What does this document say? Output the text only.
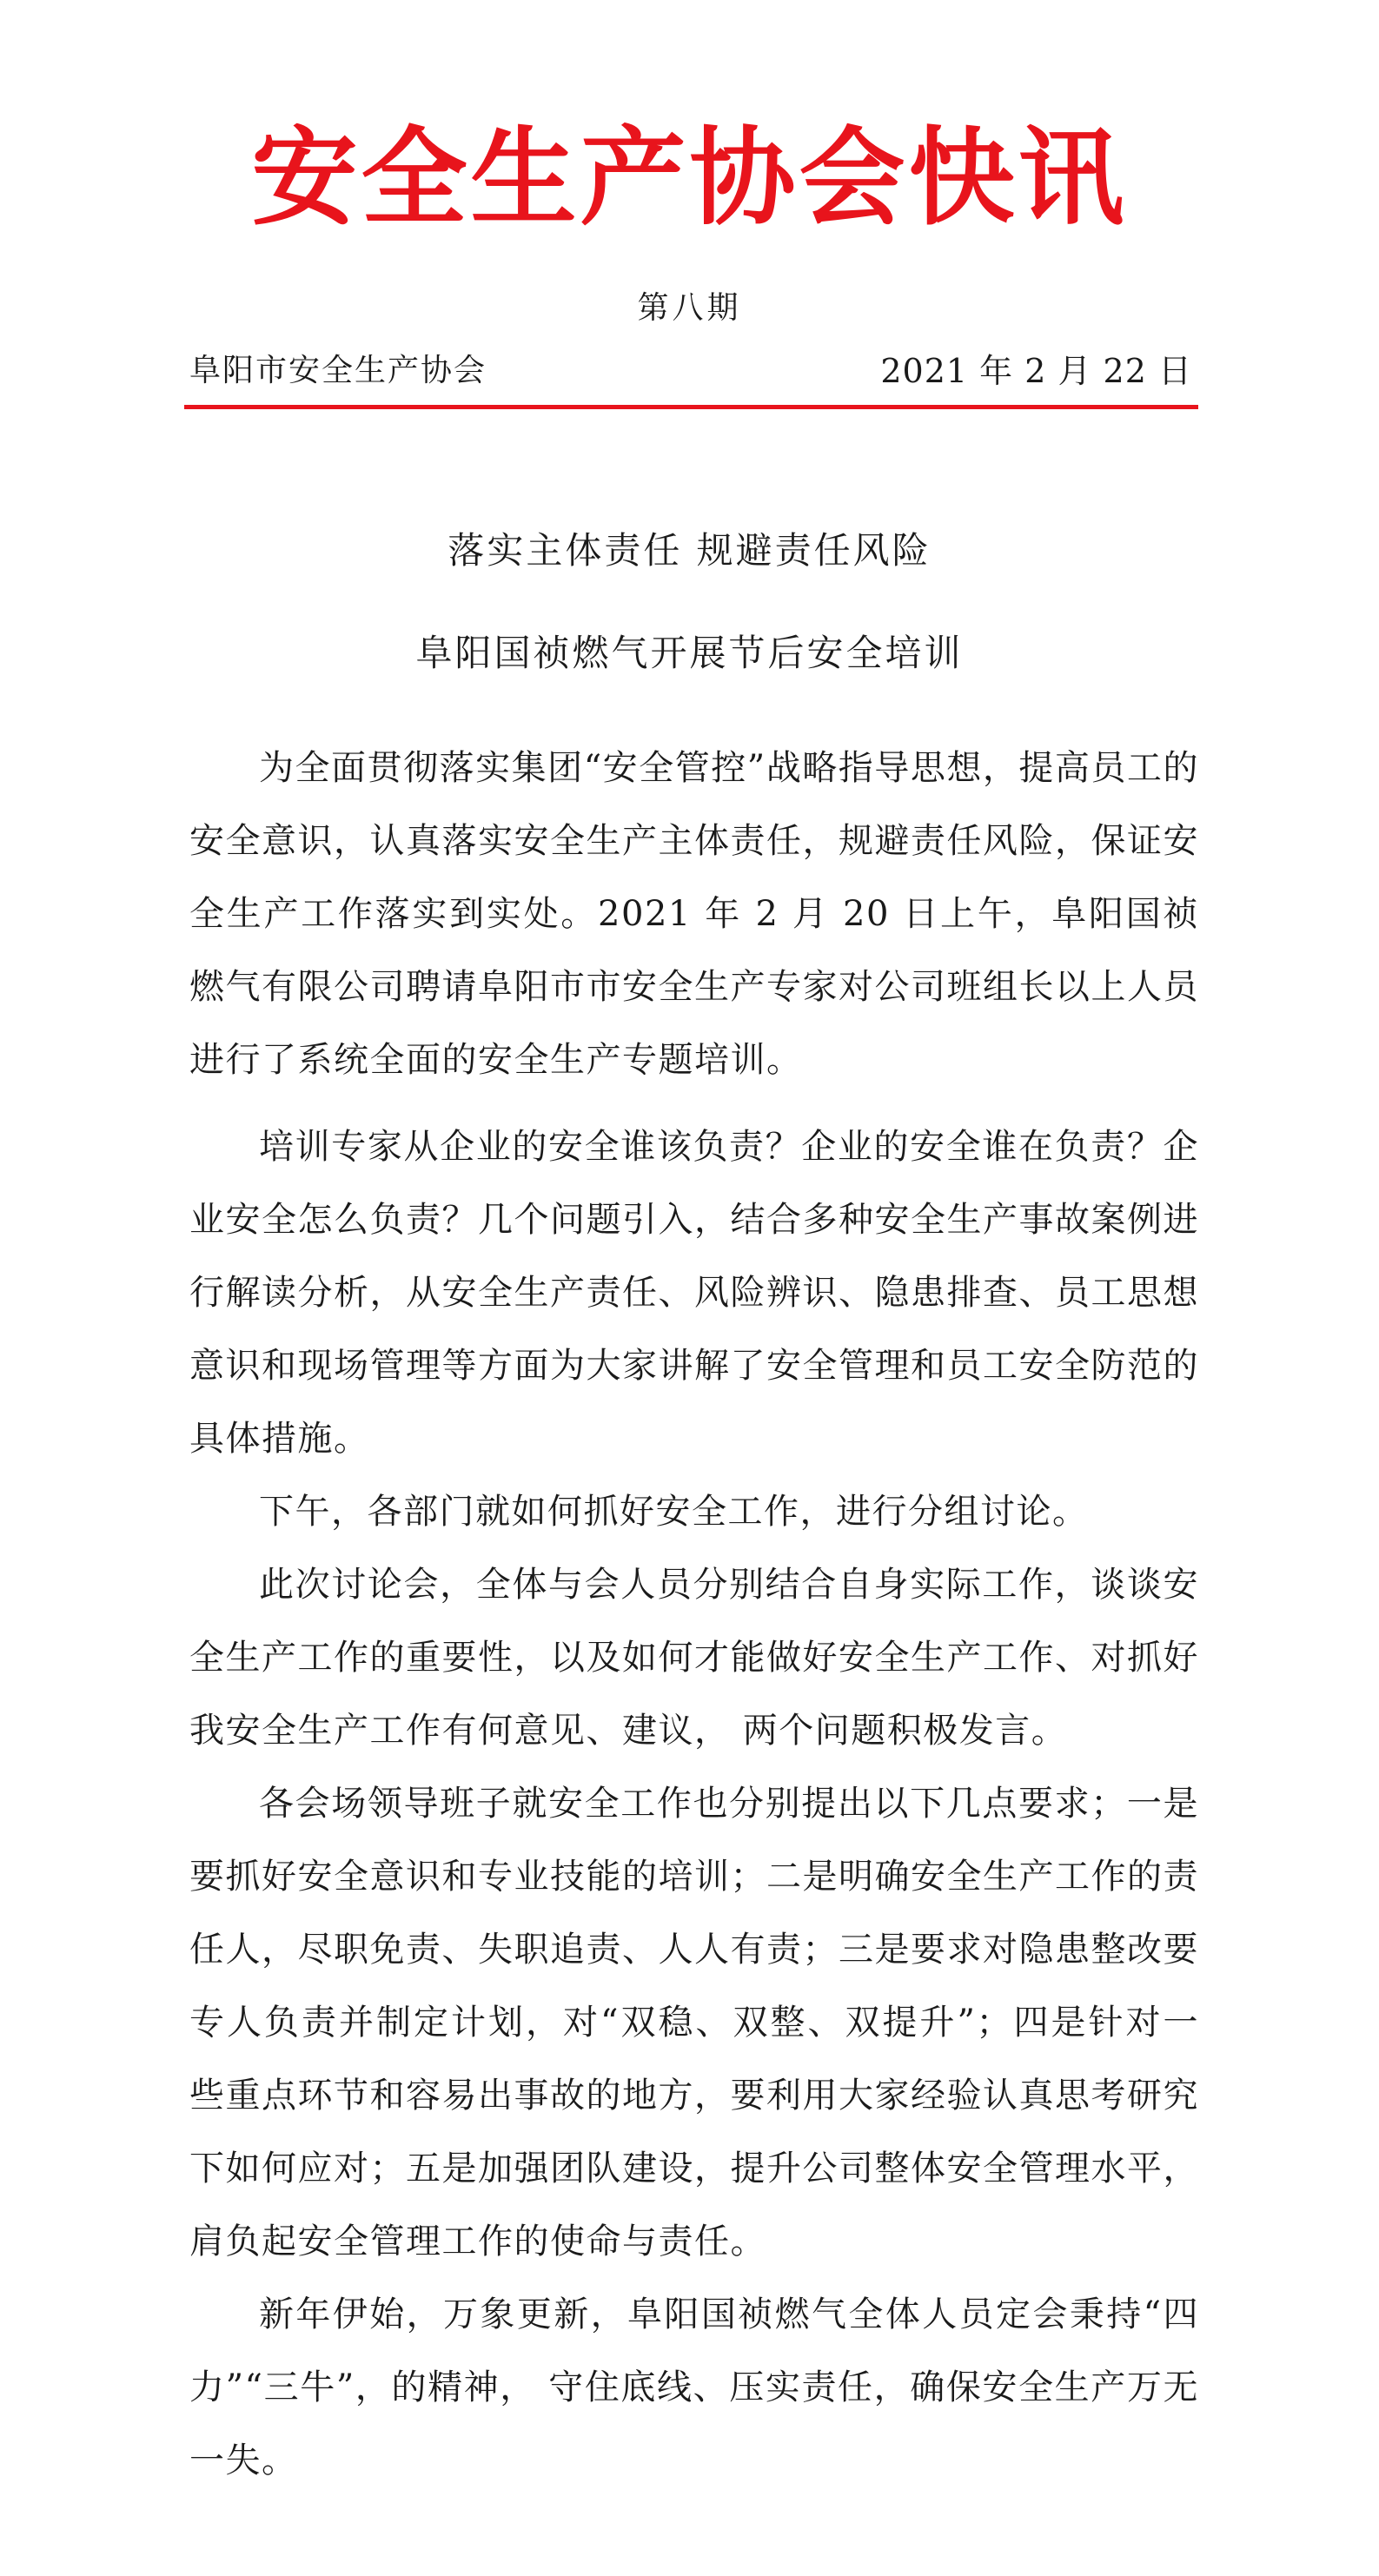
安全生产协会快讯
第八期
阜阳市安全生产协会	2021 年 2 月 22 日
落实主体责任 规避责任风险
阜阳国祯燃气开展节后安全培训

为全面贯彻落实集团“安全管控”战略指导思想，提高员工的安全意识，认真落实安全生产主体责任，规避责任风险，保证安全生产工作落实到实处。2021 年 2 月 20 日上午，阜阳国祯燃气有限公司聘请阜阳市市安全生产专家对公司班组长以上人员进行了系统全面的安全生产专题培训。

培训专家从企业的安全谁该负责？企业的安全谁在负责？企业安全怎么负责？几个问题引入，结合多种安全生产事故案例进行解读分析，从安全生产责任、风险辨识、隐患排查、员工思想意识和现场管理等方面为大家讲解了安全管理和员工安全防范的具体措施。

下午，各部门就如何抓好安全工作，进行分组讨论。

此次讨论会，全体与会人员分别结合自身实际工作，谈谈安全生产工作的重要性，以及如何才能做好安全生产工作、对抓好我安全生产工作有何意见、建议， 两个问题积极发言。

各会场领导班子就安全工作也分别提出以下几点要求；一是要抓好安全意识和专业技能的培训；二是明确安全生产工作的责任人，尽职免责、失职追责、人人有责；三是要求对隐患整改要专人负责并制定计划，对“双稳、双整、双提升”；四是针对一些重点环节和容易出事故的地方，要利用大家经验认真思考研究下如何应对；五是加强团队建设，提升公司整体安全管理水平，肩负起安全管理工作的使命与责任。

新年伊始，万象更新，阜阳国祯燃气全体人员定会秉持“四力”“三牛”，的精神， 守住底线、压实责任，确保安全生产万无一失。
